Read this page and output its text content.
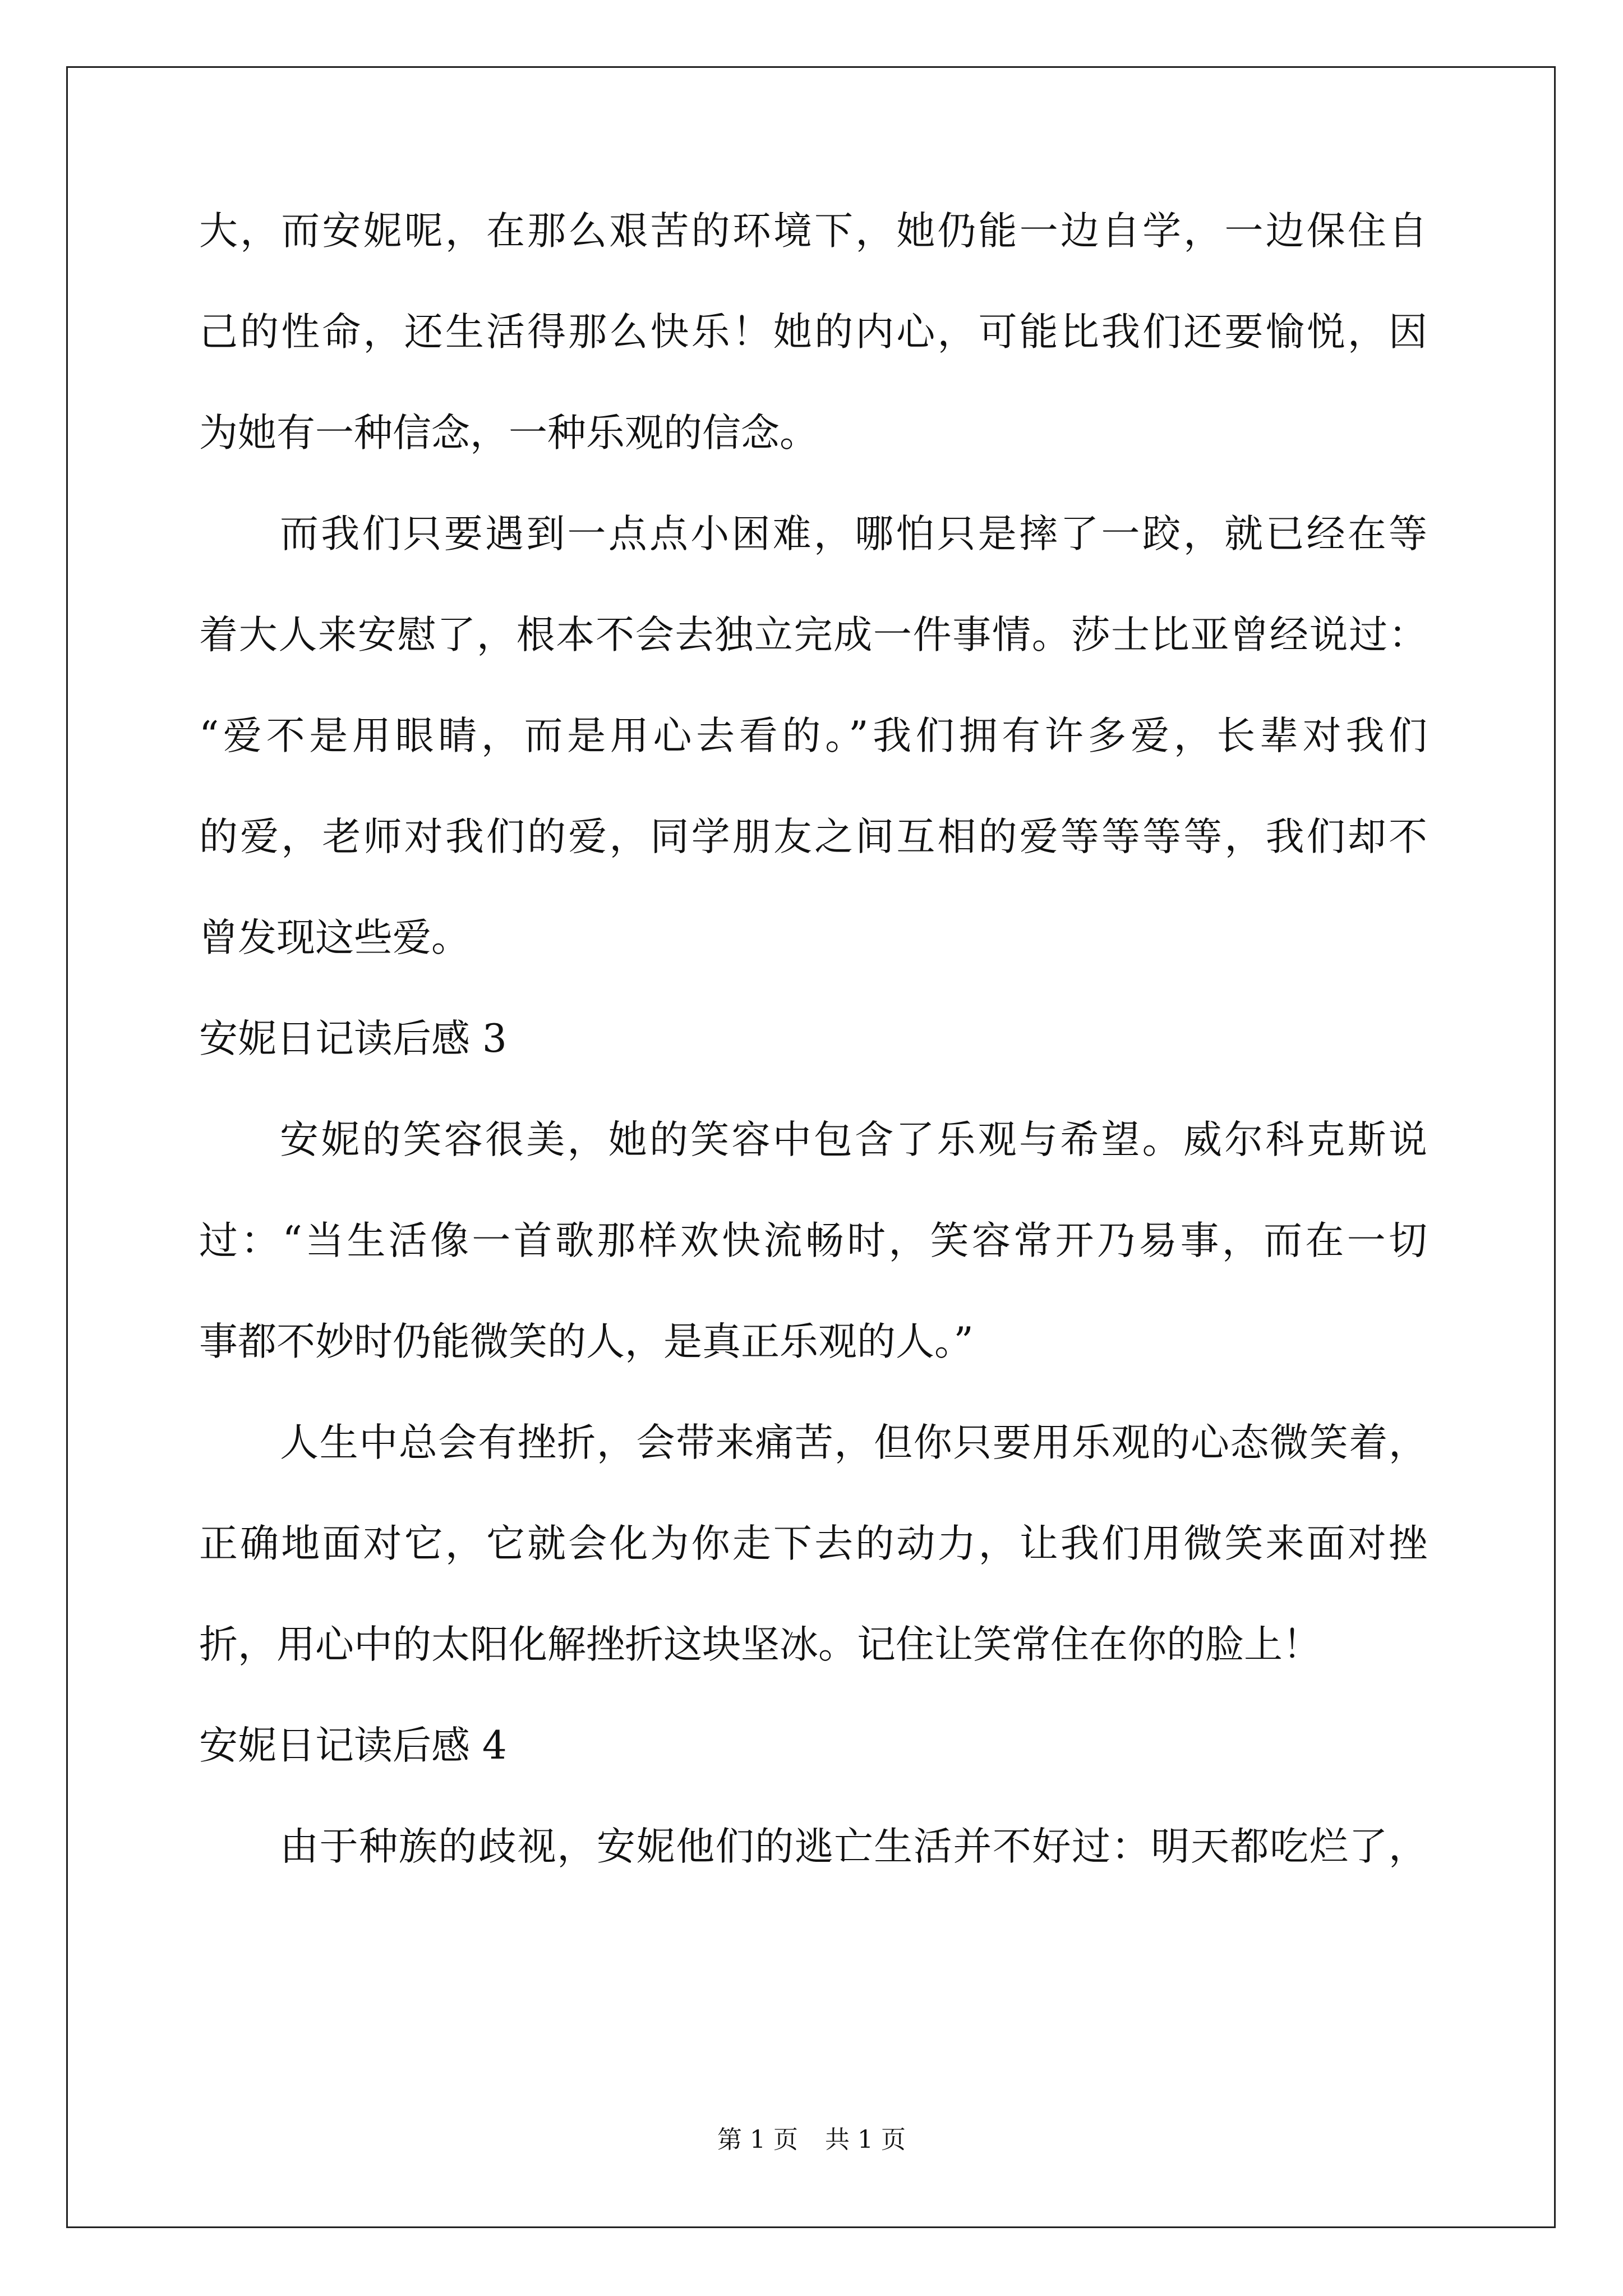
大，而安妮呢，在那么艰苦的环境下，她仍能一边自学，一边保住自
己的性命，还生活得那么快乐！她的内心，可能比我们还要愉悦，因
为她有一种信念，一种乐观的信念。
而我们只要遇到一点点小困难，哪怕只是摔了一跤，就已经在等
着大人来安慰了，根本不会去独立完成一件事情。莎士比亚曾经说过：
“爱不是用眼睛，而是用心去看的。”我们拥有许多爱，长辈对我们
的爱，老师对我们的爱，同学朋友之间互相的爱等等等等，我们却不
曾发现这些爱。
安妮日记读后感 3
安妮的笑容很美，她的笑容中包含了乐观与希望。威尔科克斯说
过：“当生活像一首歌那样欢快流畅时，笑容常开乃易事，而在一切
事都不妙时仍能微笑的人，是真正乐观的人。”
人生中总会有挫折，会带来痛苦，但你只要用乐观的心态微笑着，
正确地面对它，它就会化为你走下去的动力，让我们用微笑来面对挫
折，用心中的太阳化解挫折这块坚冰。记住让笑常住在你的脸上！
安妮日记读后感 4
由于种族的歧视，安妮他们的逃亡生活并不好过：明天都吃烂了，
第 1 页 共 1 页
